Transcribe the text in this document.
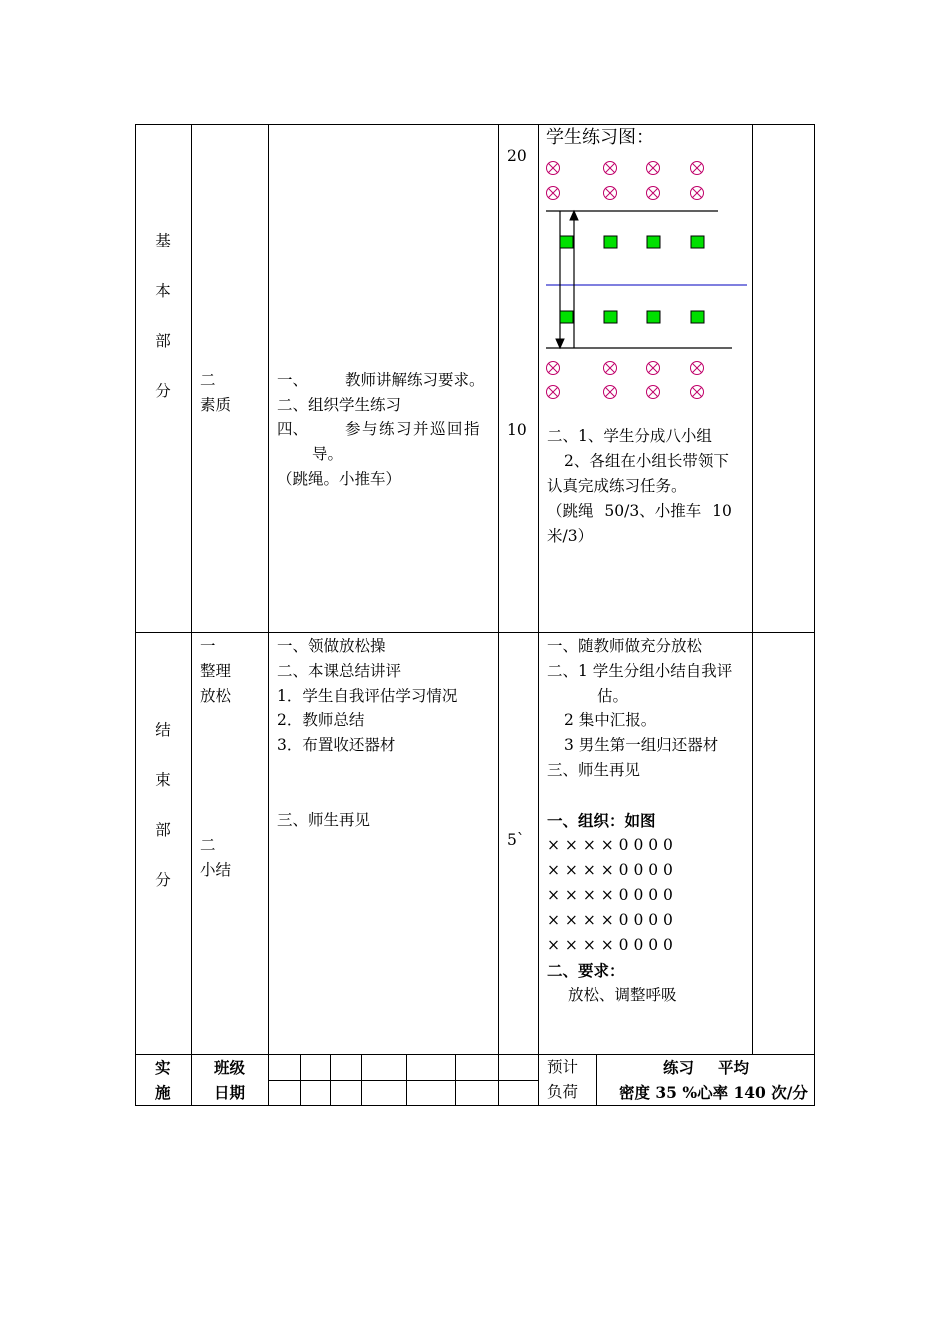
基
本
部
分
二
素质
一、 教师讲解练习要求。
二、组织学生练习
四、 参与练习并巡回指
导。
（跳绳。小推车）
20
10
学生练习图：
二、1、学生分成八小组
2、各组在小组长带领下
认真完成练习任务。
（跳绳 50/3、小推车 10
米/3）
结
束
部
分
一
整理
放松
二
小结
一、领做放松操
二、本课总结讲评
1．学生自我评估学习情况
2．教师总结
3．布置收还器材
三、师生再见
5`
一、随教师做充分放松
二、1 学生分组小结自我评
估。
2 集中汇报。
3 男生第一组归还器材
三、师生再见
一、组织：如图
× × × × 0 0 0 0
× × × × 0 0 0 0
× × × × 0 0 0 0
× × × × 0 0 0 0
× × × × 0 0 0 0
二、要求：
放松、调整呼吸
实
施
班级
日期
预计
负荷
练习 平均
密度 35 %心率 140 次/分
